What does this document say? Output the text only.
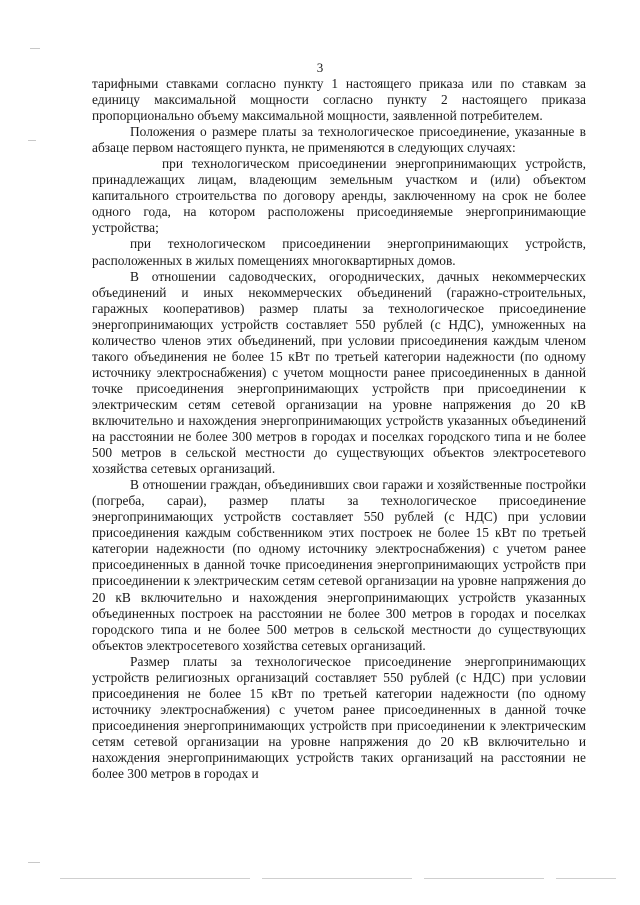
3

тарифными ставками согласно пункту 1 настоящего приказа или по ставкам за единицу максимальной мощности согласно пункту 2 настоящего приказа пропорционально объему максимальной мощности, заявленной потребителем.

Положения о размере платы за технологическое присоединение, указанные в абзаце первом настоящего пункта, не применяются в следующих случаях:

при технологическом присоединении энергопринимающих устройств, принадлежащих лицам, владеющим земельным участком и (или) объектом капитального строительства по договору аренды, заключенному на срок не более одного года, на котором расположены присоединяемые энергопринимающие устройства;

при технологическом присоединении энергопринимающих устройств, расположенных в жилых помещениях многоквартирных домов.

В отношении садоводческих, огороднических, дачных некоммерческих объединений и иных некоммерческих объединений (гаражно-строительных, гаражных кооперативов) размер платы за технологическое присоединение энергопринимающих устройств составляет 550 рублей (с НДС), умноженных на количество членов этих объединений, при условии присоединения каждым членом такого объединения не более 15 кВт по третьей категории надежности (по одному источнику электроснабжения) с учетом мощности ранее присоединенных в данной точке присоединения энергопринимающих устройств при присоединении к электрическим сетям сетевой организации на уровне напряжения до 20 кВ включительно и нахождения энергопринимающих устройств указанных объединений на расстоянии не более 300 метров в городах и поселках городского типа и не более 500 метров в сельской местности до существующих объектов электросетевого хозяйства сетевых организаций.

В отношении граждан, объединивших свои гаражи и хозяйственные постройки (погреба, сараи), размер платы за технологическое присоединение энергопринимающих устройств составляет 550 рублей (с НДС) при условии присоединения каждым собственником этих построек не более 15 кВт по третьей категории надежности (по одному источнику электроснабжения) с учетом ранее присоединенных в данной точке присоединения энергопринимающих устройств при присоединении к электрическим сетям сетевой организации на уровне напряжения до 20 кВ включительно и нахождения энергопринимающих устройств указанных объединенных построек на расстоянии не более 300 метров в городах и поселках городского типа и не более 500 метров в сельской местности до существующих объектов электросетевого хозяйства сетевых организаций.

Размер платы за технологическое присоединение энергопринимающих устройств религиозных организаций составляет 550 рублей (с НДС) при условии присоединения не более 15 кВт по третьей категории надежности (по одному источнику электроснабжения) с учетом ранее присоединенных в данной точке присоединения энергопринимающих устройств при присоединении к электрическим сетям сетевой организации на уровне напряжения до 20 кВ включительно и нахождения энергопринимающих устройств таких организаций на расстоянии не более 300 метров в городах и
